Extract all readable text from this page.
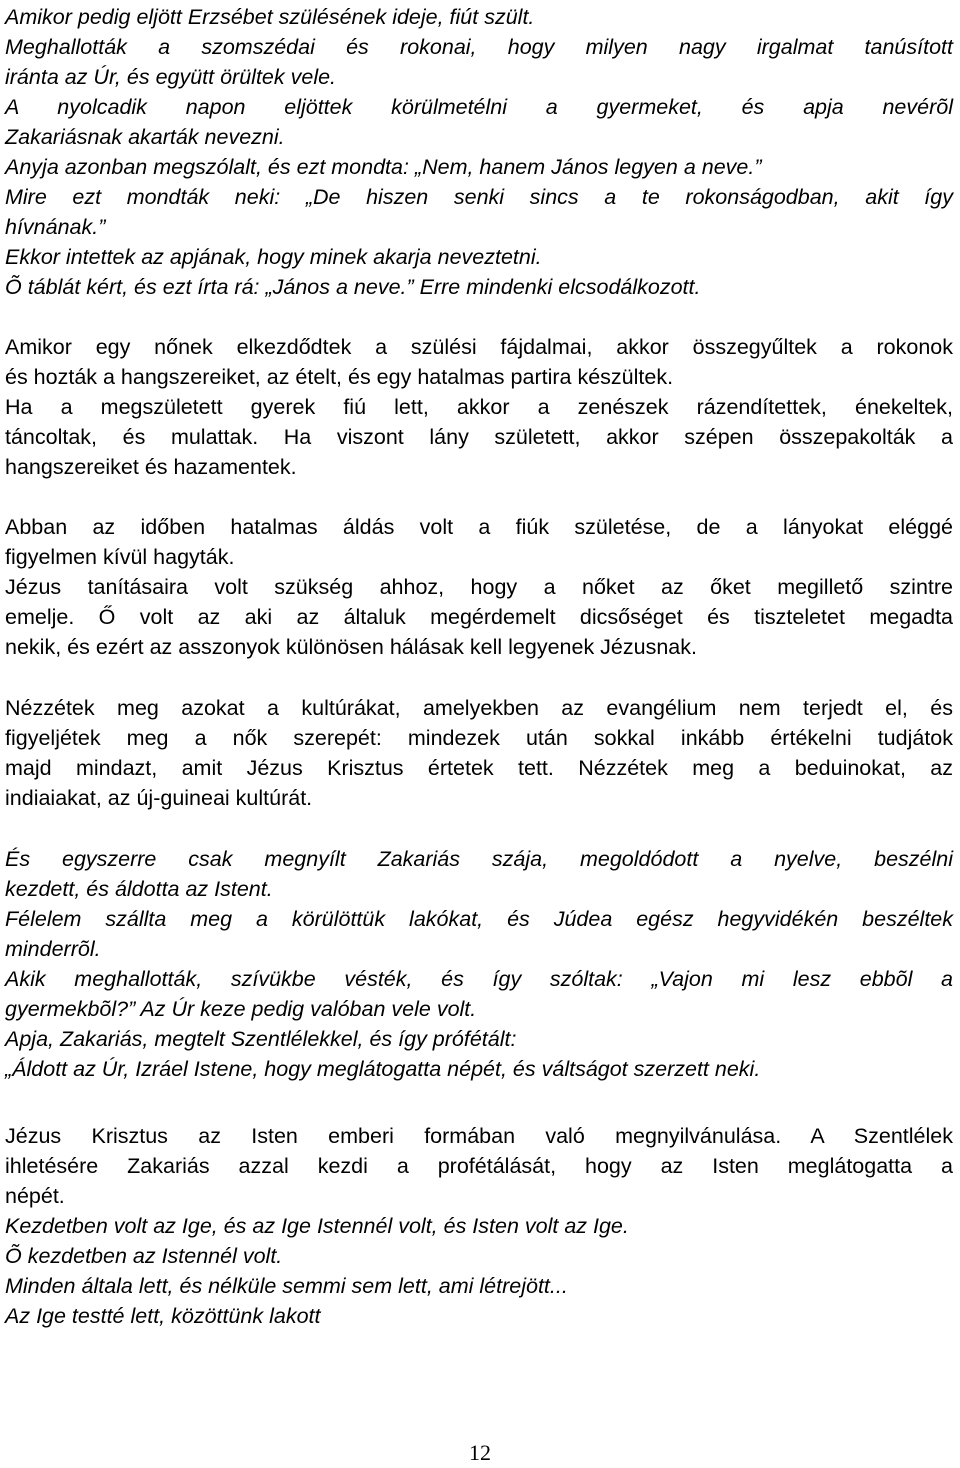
Amikor pedig eljött Erzsébet szülésének ideje, fiút szült.
Meghallották a szomszédai és rokonai, hogy milyen nagy irgalmat tanúsított
iránta az Úr, és együtt örültek vele.
A nyolcadik napon eljöttek körülmetélni a gyermeket, és apja nevérõl
Zakariásnak akarták nevezni.
Anyja azonban megszólalt, és ezt mondta: „Nem, hanem János legyen a neve.”
Mire ezt mondták neki: „De hiszen senki sincs a te rokonságodban, akit így
hívnának.”
Ekkor intettek az apjának, hogy minek akarja neveztetni.
Õ táblát kért, és ezt írta rá: „János a neve.” Erre mindenki elcsodálkozott.
Amikor egy nőnek elkezdődtek a szülési fájdalmai, akkor összegyűltek a rokonok
és hozták a hangszereiket, az ételt, és egy hatalmas partira készültek.
Ha a megszületett gyerek fiú lett, akkor a zenészek rázendítettek, énekeltek,
táncoltak, és mulattak. Ha viszont lány született, akkor szépen összepakolták a
hangszereiket és hazamentek.
Abban az időben hatalmas áldás volt a fiúk születése, de a lányokat eléggé
figyelmen kívül hagyták.
Jézus tanításaira volt szükség ahhoz, hogy a nőket az őket megillető szintre
emelje. Ő volt az aki az általuk megérdemelt dicsőséget és tiszteletet megadta
nekik, és ezért az asszonyok különösen hálásak kell legyenek Jézusnak.
Nézzétek meg azokat a kultúrákat, amelyekben az evangélium nem terjedt el, és
figyeljétek meg a nők szerepét: mindezek után sokkal inkább értékelni tudjátok
majd mindazt, amit Jézus Krisztus értetek tett. Nézzétek meg a beduinokat, az
indiaiakat, az új-guineai kultúrát.
És egyszerre csak megnyílt Zakariás szája, megoldódott a nyelve, beszélni
kezdett, és áldotta az Istent.
Félelem szállta meg a körülöttük lakókat, és Júdea egész hegyvidékén beszéltek
minderrõl.
Akik meghallották, szívükbe vésték, és így szóltak: „Vajon mi lesz ebbõl a
gyermekbõl?” Az Úr keze pedig valóban vele volt.
Apja, Zakariás, megtelt Szentlélekkel, és így prófétált:
„Áldott az Úr, Izráel Istene, hogy meglátogatta népét, és váltságot szerzett neki.
Jézus Krisztus az Isten emberi formában való megnyilvánulása. A Szentlélek
ihletésére Zakariás azzal kezdi a profétálását, hogy az Isten meglátogatta a
népét.
Kezdetben volt az Ige, és az Ige Istennél volt, és Isten volt az Ige.
Õ kezdetben az Istennél volt.
Minden általa lett, és nélküle semmi sem lett, ami létrejött...
Az Ige testté lett, közöttünk lakott
12
